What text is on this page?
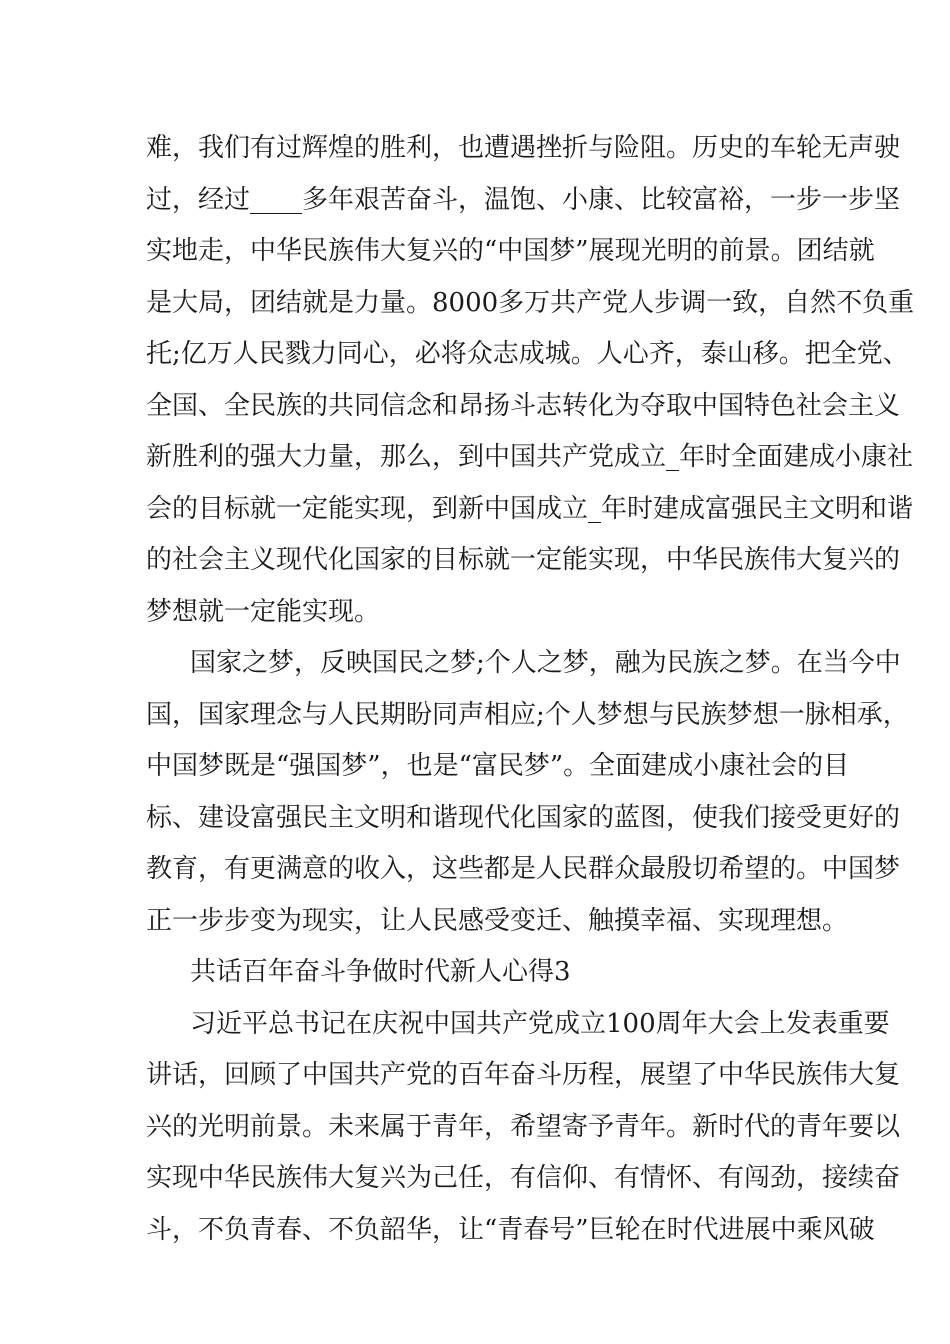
难，我们有过辉煌的胜利，也遭遇挫折与险阻。历史的车轮无声驶

过，经过____多年艰苦奋斗，温饱、小康、比较富裕，一步一步坚

实地走，中华民族伟大复兴的“中国梦”展现光明的前景。团结就

是大局，团结就是力量。8000多万共产党人步调一致，自然不负重

托;亿万人民戮力同心，必将众志成城。人心齐，泰山移。把全党、

全国、全民族的共同信念和昂扬斗志转化为夺取中国特色社会主义

新胜利的强大力量，那么，到中国共产党成立_年时全面建成小康社

会的目标就一定能实现，到新中国成立_年时建成富强民主文明和谐

的社会主义现代化国家的目标就一定能实现，中华民族伟大复兴的

梦想就一定能实现。

国家之梦，反映国民之梦;个人之梦，融为民族之梦。在当今中

国，国家理念与人民期盼同声相应;个人梦想与民族梦想一脉相承，

中国梦既是“强国梦”，也是“富民梦”。全面建成小康社会的目

标、建设富强民主文明和谐现代化国家的蓝图，使我们接受更好的

教育，有更满意的收入，这些都是人民群众最殷切希望的。中国梦

正一步步变为现实，让人民感受变迁、触摸幸福、实现理想。

共话百年奋斗争做时代新人心得3

习近平总书记在庆祝中国共产党成立100周年大会上发表重要

讲话，回顾了中国共产党的百年奋斗历程，展望了中华民族伟大复

兴的光明前景。未来属于青年，希望寄予青年。新时代的青年要以

实现中华民族伟大复兴为己任，有信仰、有情怀、有闯劲，接续奋

斗，不负青春、不负韶华，让“青春号”巨轮在时代进展中乘风破
